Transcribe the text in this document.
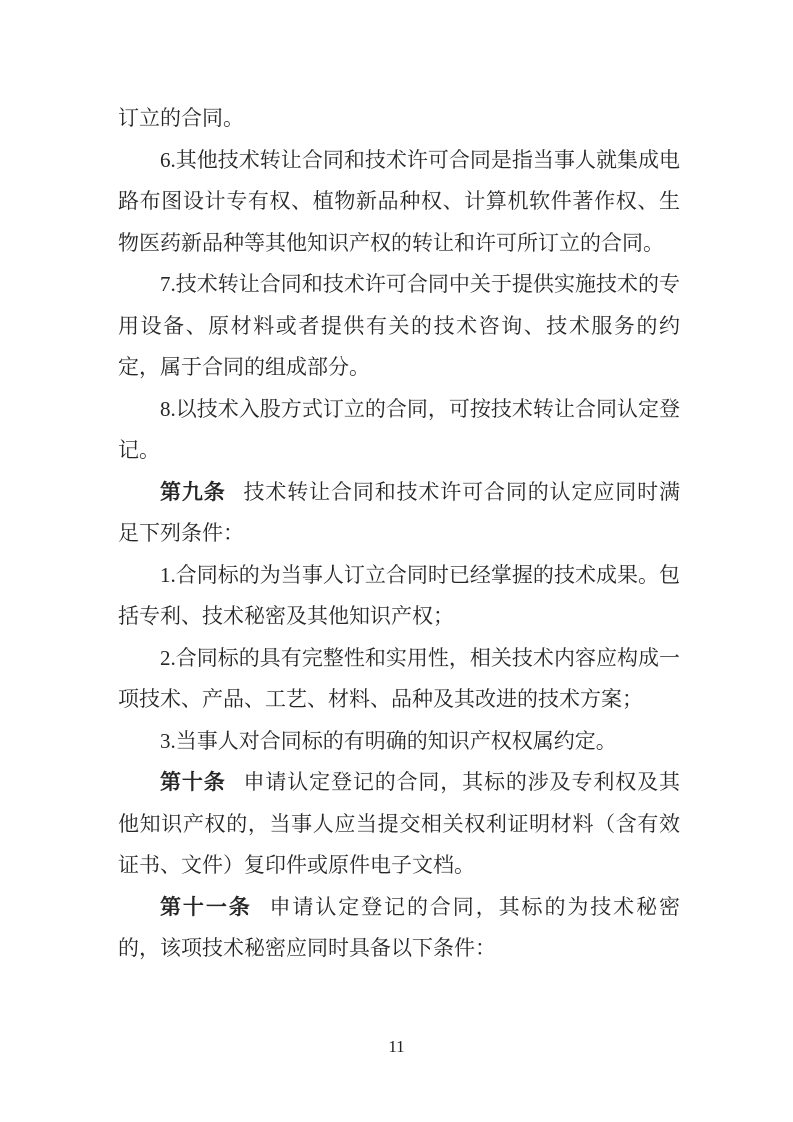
订立的合同。

6.其他技术转让合同和技术许可合同是指当事人就集成电路布图设计专有权、植物新品种权、计算机软件著作权、生物医药新品种等其他知识产权的转让和许可所订立的合同。

7.技术转让合同和技术许可合同中关于提供实施技术的专用设备、原材料或者提供有关的技术咨询、技术服务的约定，属于合同的组成部分。

8.以技术入股方式订立的合同，可按技术转让合同认定登记。

第九条 技术转让合同和技术许可合同的认定应同时满足下列条件：

1.合同标的为当事人订立合同时已经掌握的技术成果。包括专利、技术秘密及其他知识产权；

2.合同标的具有完整性和实用性，相关技术内容应构成一项技术、产品、工艺、材料、品种及其改进的技术方案；

3.当事人对合同标的有明确的知识产权权属约定。

第十条 申请认定登记的合同，其标的涉及专利权及其他知识产权的，当事人应当提交相关权利证明材料（含有效证书、文件）复印件或原件电子文档。

第十一条 申请认定登记的合同，其标的为技术秘密的，该项技术秘密应同时具备以下条件：

11
